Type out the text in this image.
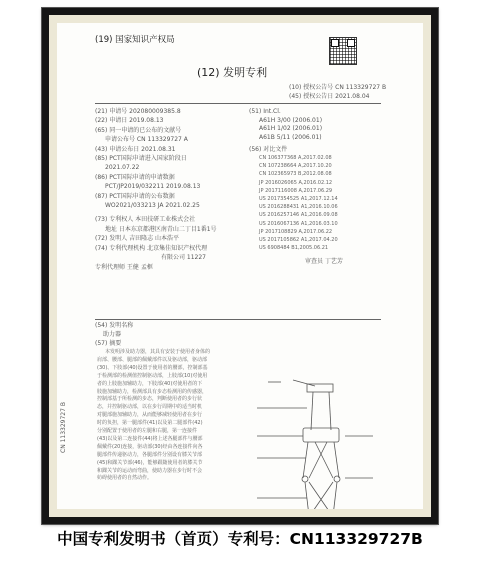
(19) 国家知识产权局
(12) 发明专利
(10) 授权公告号 CN 113329727 B
(45) 授权公告日 2021.08.04
(21) 申请号 202080009385.8
(22) 申请日 2019.08.13
(65) 同一申请的已公布的文献号
申请公布号 CN 113329727 A
(43) 申请公布日 2021.08.31
(85) PCT国际申请进入国家阶段日
2021.07.22
(86) PCT国际申请的申请数据
PCT/JP2019/032211 2019.08.13
(87) PCT国际申请的公布数据
WO2021/033213 JA 2021.02.25
(51) Int.Cl.
A61H 3/00 (2006.01)
A61H 1/02 (2006.01)
A61B 5/11 (2006.01)
(56) 对比文件
CN 106377368 A,2017.02.08
CN 107238664 A,2017.10.20
CN 102365973 B,2012.08.08
JP 2016026065 A,2016.02.12
JP 2017116008 A,2017.06.29
US 2017354525 A1,2017.12.14
US 2016288431 A1,2016.10.06
US 2016257146 A1,2016.09.08
US 2016067136 A1,2016.03.10
JP 2017108829 A,2017.06.22
US 2017105862 A1,2017.04.20
US 6908484 B1,2005.06.21
审查员 丁艺芳
(73) 专利权人 本田技研工业株式会社
地址 日本东京都港区南青山二丁目1番1号
(72) 发明人 吉田隆志 山本浩平
(74) 专利代理机构 北京集佳知识产权代理
有限公司 11227
专利代理师 王健 孟框
(54) 发明名称
助力器
(57) 摘要
本发明涉及助力器，其具有安装于使用者身体的
肩部、腰部、腿部的佩戴部件以及驱动部，驱动部
(30)、下肢部(40)设置于使用者的腰部，控制部基
于检测部的检测值控制驱动部，上肢部(10)对使用
者的上肢施加辅助力，下肢部(40)对使用者的下
肢施加辅助力，检测部具有步态检测用的传感器，
控制部基于所检测的步态，判断使用者的步行状
态，并控制驱动部，以在步行周期中的适当时机
对腿部施加辅助力，从而能够减轻使用者在步行
时的负担，第一腿部件(41)以及第二腿部件(42)
分别配置于使用者的左腿和右腿，第一连接件
(43)以及第二连接件(44)将上述各腿部件与腰部
佩戴件(20)连接，驱动部(30)经由各连接件向各
腿部件传递驱动力，各腿部件分别设有膝关节部
(45)和踝关节部(46)，能够跟随使用者的膝关节
和踝关节的运动而弯曲，使助力器在步行时不会
妨碍使用者的自然动作。
CN 113329727 B
中国专利发明书（首页）专利号：CN113329727B
